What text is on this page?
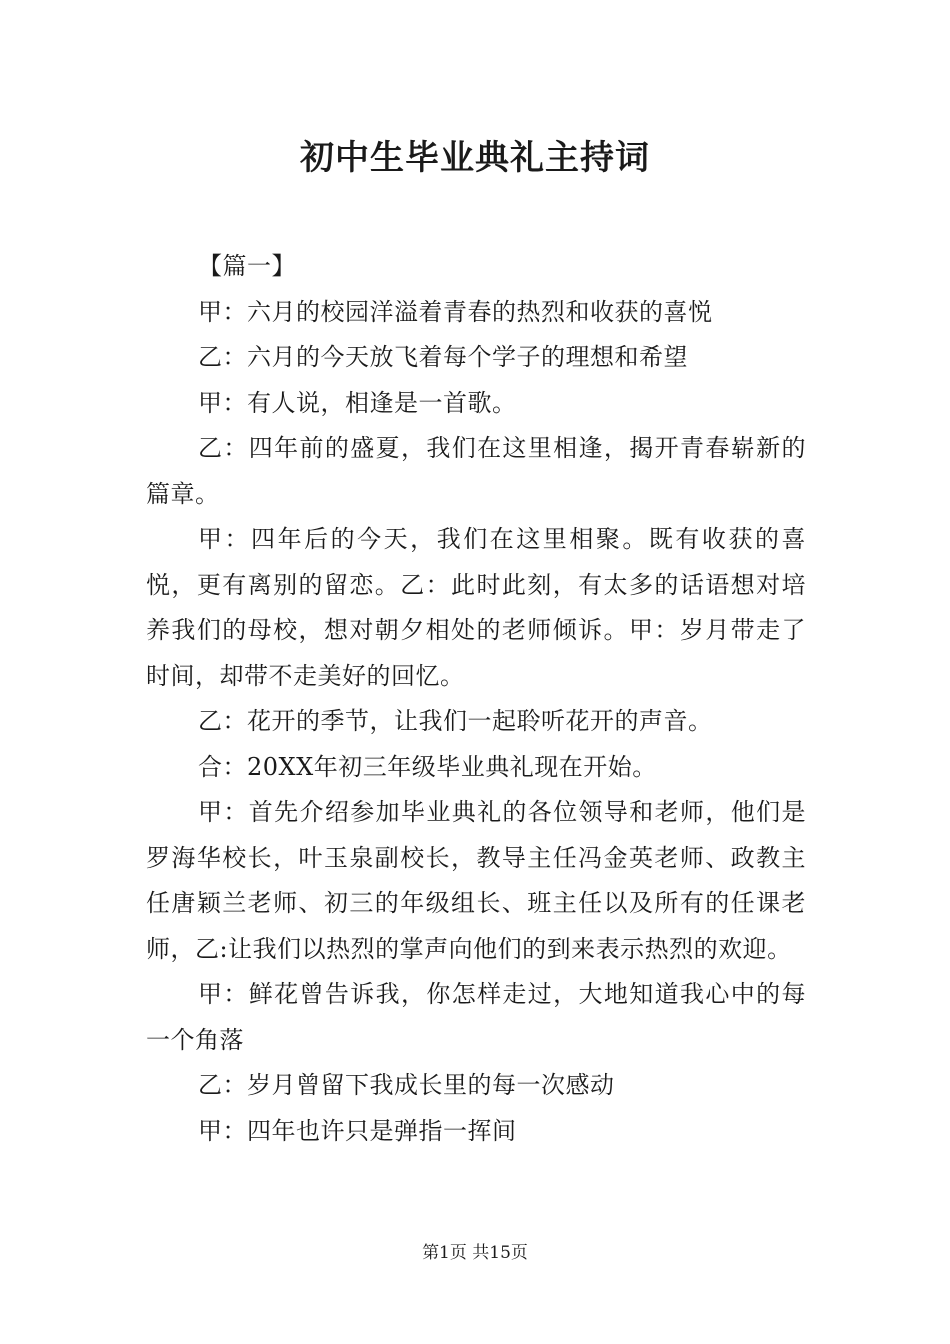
初中生毕业典礼主持词

【篇一】

甲：六月的校园洋溢着青春的热烈和收获的喜悦

乙：六月的今天放飞着每个学子的理想和希望

甲：有人说，相逢是一首歌。

乙：四年前的盛夏，我们在这里相逢，揭开青春崭新的篇章。

甲：四年后的今天，我们在这里相聚。既有收获的喜悦，更有离别的留恋。乙：此时此刻，有太多的话语想对培养我们的母校，想对朝夕相处的老师倾诉。甲：岁月带走了时间，却带不走美好的回忆。

乙：花开的季节，让我们一起聆听花开的声音。

合：20XX年初三年级毕业典礼现在开始。

甲：首先介绍参加毕业典礼的各位领导和老师，他们是罗海华校长，叶玉泉副校长，教导主任冯金英老师、政教主任唐颖兰老师、初三的年级组长、班主任以及所有的任课老师，乙:让我们以热烈的掌声向他们的到来表示热烈的欢迎。

甲：鲜花曾告诉我，你怎样走过，大地知道我心中的每一个角落

乙：岁月曾留下我成长里的每一次感动

甲：四年也许只是弹指一挥间

第1页 共15页
